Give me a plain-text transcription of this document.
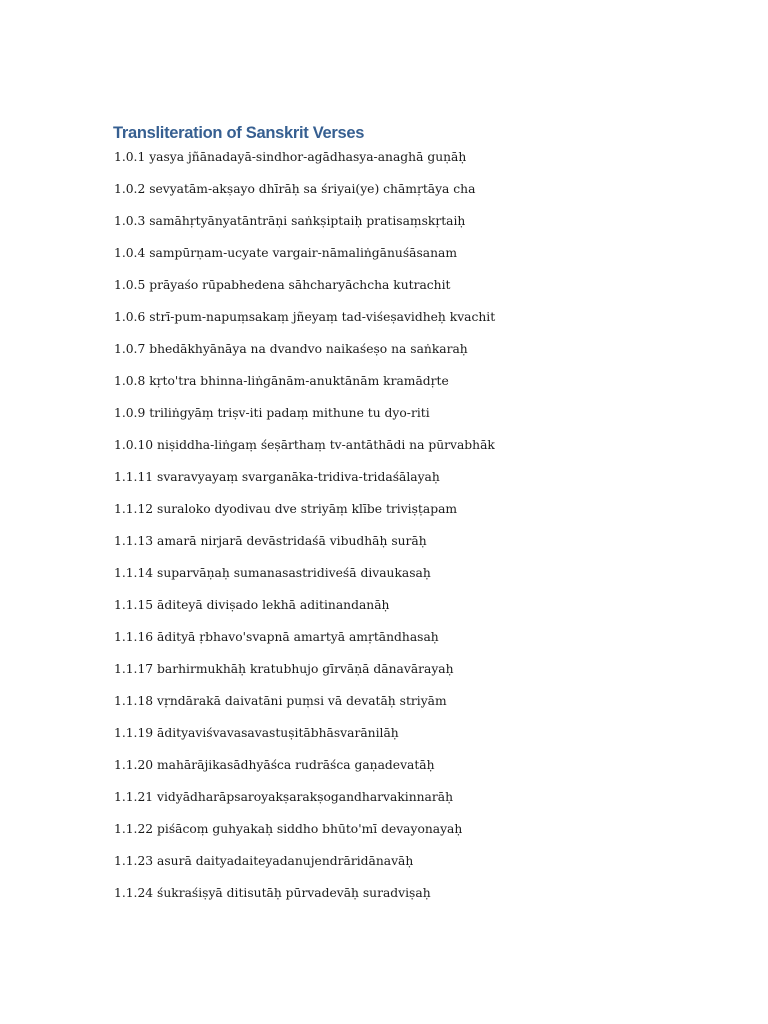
Transliteration of Sanskrit Verses
1.0.1 yasya jñānadayā-sindhor-agādhasya-anaghā guṇāḥ
1.0.2 sevyatām-akṣayo dhīrāḥ sa śriyai(ye) chāmṛtāya cha
1.0.3 samāhṛtyānyatāntrāṇi saṅkṣiptaiḥ pratisaṃskṛtaiḥ
1.0.4 sampūrṇam-ucyate vargair-nāmaliṅgānuśāsanam
1.0.5 prāyaśo rūpabhedena sāhcharyāchcha kutrachit
1.0.6 strī-pum-napuṃsakaṃ jñeyaṃ tad-viśeṣavidheḥ kvachit
1.0.7 bhedākhyānāya na dvandvo naikaśeṣo na saṅkaraḥ
1.0.8 kṛto'tra bhinna-liṅgānām-anuktānām kramādṛte
1.0.9 triliṅgyāṃ triṣv-iti padaṃ mithune tu dyo-riti
1.0.10 niṣiddha-liṅgaṃ śeṣārthaṃ tv-antāthādi na pūrvabhāk
1.1.11 svaravyayaṃ svarganāka-tridiva-tridaśālayaḥ
1.1.12 suraloko dyodivau dve striyāṃ klībe triviṣṭapam
1.1.13 amarā nirjarā devāstridaśā vibudhāḥ surāḥ
1.1.14 suparvāṇaḥ sumanasastridiveśā divaukasaḥ
1.1.15 āditeyā diviṣado lekhā aditinandanāḥ
1.1.16 ādityā ṛbhavo'svapnā amartyā amṛtāndhasaḥ
1.1.17 barhirmukhāḥ kratubhujo gīrvāṇā dānavārayaḥ
1.1.18 vṛndārakā daivatāni puṃsi vā devatāḥ striyām
1.1.19 ādityaviśvavasavastuṣitābhāsvarānilāḥ
1.1.20 mahārājikasādhyāśca rudrāśca gaṇadevatāḥ
1.1.21 vidyādharāpsaroyakṣarakṣogandharvakinnarāḥ
1.1.22 piśācoṃ guhyakaḥ siddho bhūto'mī devayonayaḥ
1.1.23 asurā daityadaiteyadanujendrāridānavāḥ
1.1.24 śukraśiṣyā ditisutāḥ pūrvadevāḥ suradviṣaḥ
